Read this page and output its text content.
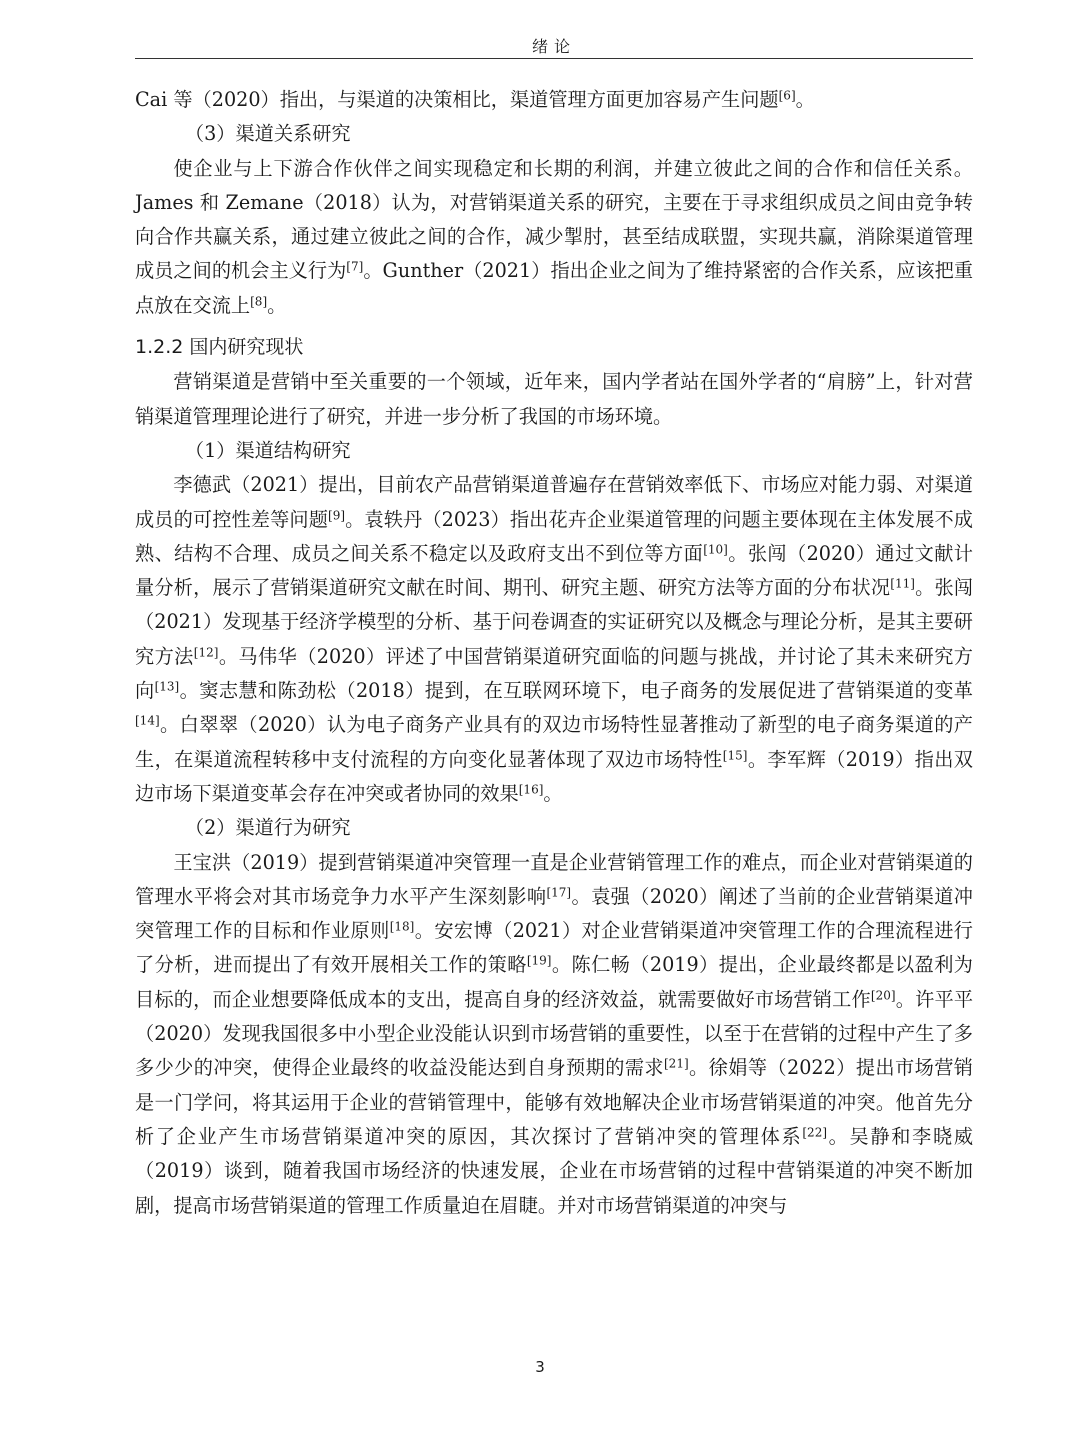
绪论

Cai 等（2020）指出，与渠道的决策相比，渠道管理方面更加容易产生问题[6]。

（3）渠道关系研究

使企业与上下游合作伙伴之间实现稳定和长期的利润，并建立彼此之间的合作和信任关系。James 和 Zemane（2018）认为，对营销渠道关系的研究，主要在于寻求组织成员之间由竞争转向合作共赢关系，通过建立彼此之间的合作，减少掣肘，甚至结成联盟，实现共赢，消除渠道管理成员之间的机会主义行为[7]。Gunther（2021）指出企业之间为了维持紧密的合作关系，应该把重点放在交流上[8]。

1.2.2 国内研究现状

营销渠道是营销中至关重要的一个领域，近年来，国内学者站在国外学者的“肩膀”上，针对营销渠道管理理论进行了研究，并进一步分析了我国的市场环境。

（1）渠道结构研究

李德武（2021）提出，目前农产品营销渠道普遍存在营销效率低下、市场应对能力弱、对渠道成员的可控性差等问题[9]。袁轶丹（2023）指出花卉企业渠道管理的问题主要体现在主体发展不成熟、结构不合理、成员之间关系不稳定以及政府支出不到位等方面[10]。张闯（2020）通过文献计量分析，展示了营销渠道研究文献在时间、期刊、研究主题、研究方法等方面的分布状况[11]。张闯（2021）发现基于经济学模型的分析、基于问卷调查的实证研究以及概念与理论分析，是其主要研究方法[12]。马伟华（2020）评述了中国营销渠道研究面临的问题与挑战，并讨论了其未来研究方向[13]。窦志慧和陈劲松（2018）提到，在互联网环境下，电子商务的发展促进了营销渠道的变革[14]。白翠翠（2020）认为电子商务产业具有的双边市场特性显著推动了新型的电子商务渠道的产生，在渠道流程转移中支付流程的方向变化显著体现了双边市场特性[15]。李军辉（2019）指出双边市场下渠道变革会存在冲突或者协同的效果[16]。

（2）渠道行为研究

王宝洪（2019）提到营销渠道冲突管理一直是企业营销管理工作的难点，而企业对营销渠道的管理水平将会对其市场竞争力水平产生深刻影响[17]。袁强（2020）阐述了当前的企业营销渠道冲突管理工作的目标和作业原则[18]。安宏博（2021）对企业营销渠道冲突管理工作的合理流程进行了分析，进而提出了有效开展相关工作的策略[19]。陈仁畅（2019）提出，企业最终都是以盈利为目标的，而企业想要降低成本的支出，提高自身的经济效益，就需要做好市场营销工作[20]。许平平（2020）发现我国很多中小型企业没能认识到市场营销的重要性，以至于在营销的过程中产生了多多少少的冲突，使得企业最终的收益没能达到自身预期的需求[21]。徐娟等（2022）提出市场营销是一门学问，将其运用于企业的营销管理中，能够有效地解决企业市场营销渠道的冲突。他首先分析了企业产生市场营销渠道冲突的原因，其次探讨了营销冲突的管理体系[22]。吴静和李晓威（2019）谈到，随着我国市场经济的快速发展，企业在市场营销的过程中营销渠道的冲突不断加剧，提高市场营销渠道的管理工作质量迫在眉睫。并对市场营销渠道的冲突与

3
